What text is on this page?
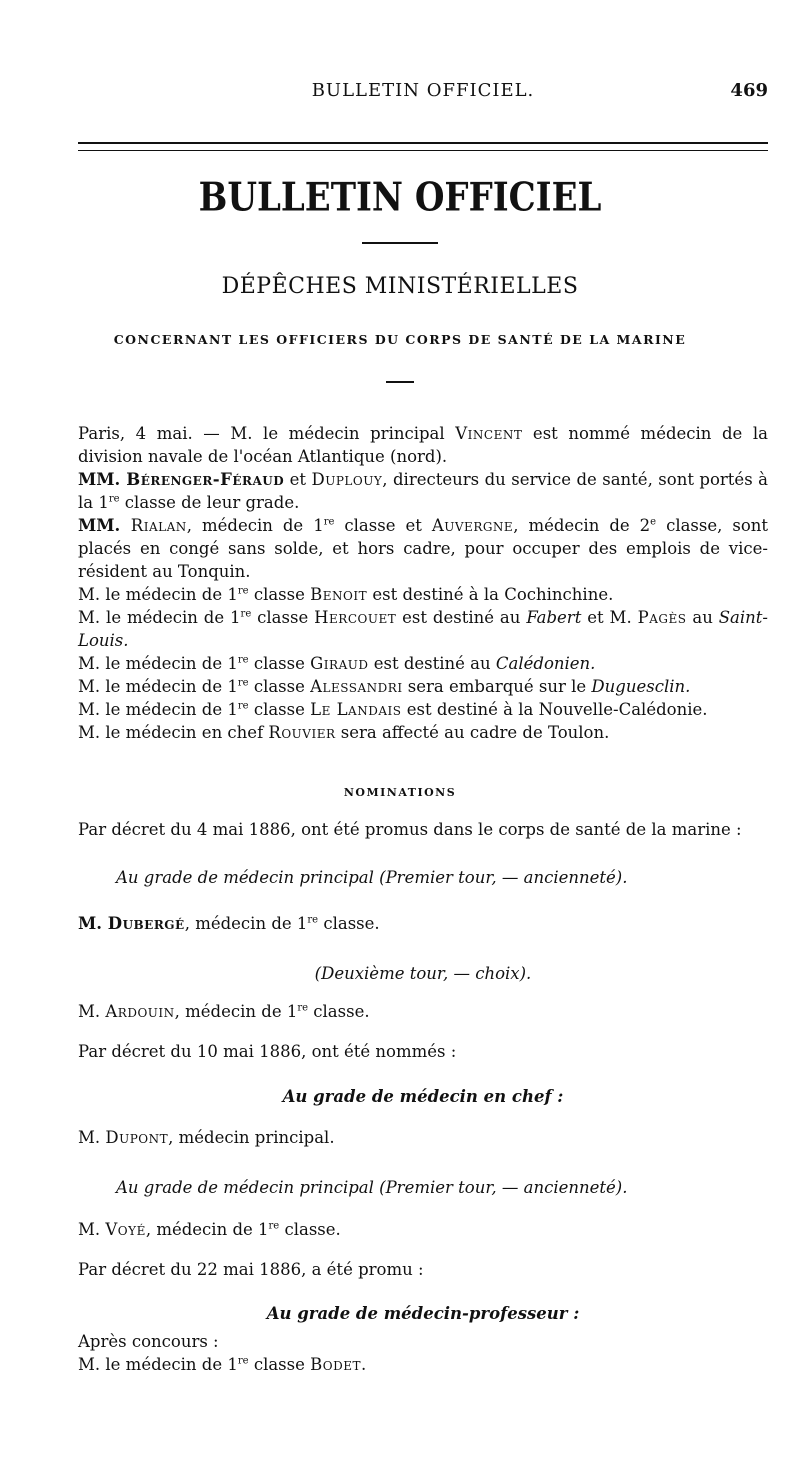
BULLETIN OFFICIEL.	469
BULLETIN OFFICIEL
DÉPÊCHES MINISTÉRIELLES
CONCERNANT LES OFFICIERS DU CORPS DE SANTÉ DE LA MARINE

Paris, 4 mai. — M. le médecin principal Vincent est nommé médecin de la division navale de l'océan Atlantique (nord).

MM. Bérenger-Féraud et Duplouy, directeurs du service de santé, sont portés à la 1re classe de leur grade.

MM. Rialan, médecin de 1re classe et Auvergne, médecin de 2e classe, sont placés en congé sans solde, et hors cadre, pour occuper des emplois de vice-résident au Tonquin.

M. le médecin de 1re classe Benoit est destiné à la Cochinchine.

M. le médecin de 1re classe Hercouet est destiné au Fabert et M. Pagès au Saint-Louis.

M. le médecin de 1re classe Giraud est destiné au Calédonien.

M. le médecin de 1re classe Alessandri sera embarqué sur le Duguesclin.

M. le médecin de 1re classe Le Landais est destiné à la Nouvelle-Calédonie.

M. le médecin en chef Rouvier sera affecté au cadre de Toulon.

NOMINATIONS
Par décret du 4 mai 1886, ont été promus dans le corps de santé de la marine :
Au grade de médecin principal (Premier tour, — ancienneté).
M. Dubergé, médecin de 1re classe.
(Deuxième tour, — choix).
M. Ardouin, médecin de 1re classe.
Par décret du 10 mai 1886, ont été nommés :
Au grade de médecin en chef :
M. Dupont, médecin principal.
Au grade de médecin principal (Premier tour, — ancienneté).
M. Voyé, médecin de 1re classe.
Par décret du 22 mai 1886, a été promu :
Au grade de médecin-professeur :
Après concours :
M. le médecin de 1re classe Bodet.
